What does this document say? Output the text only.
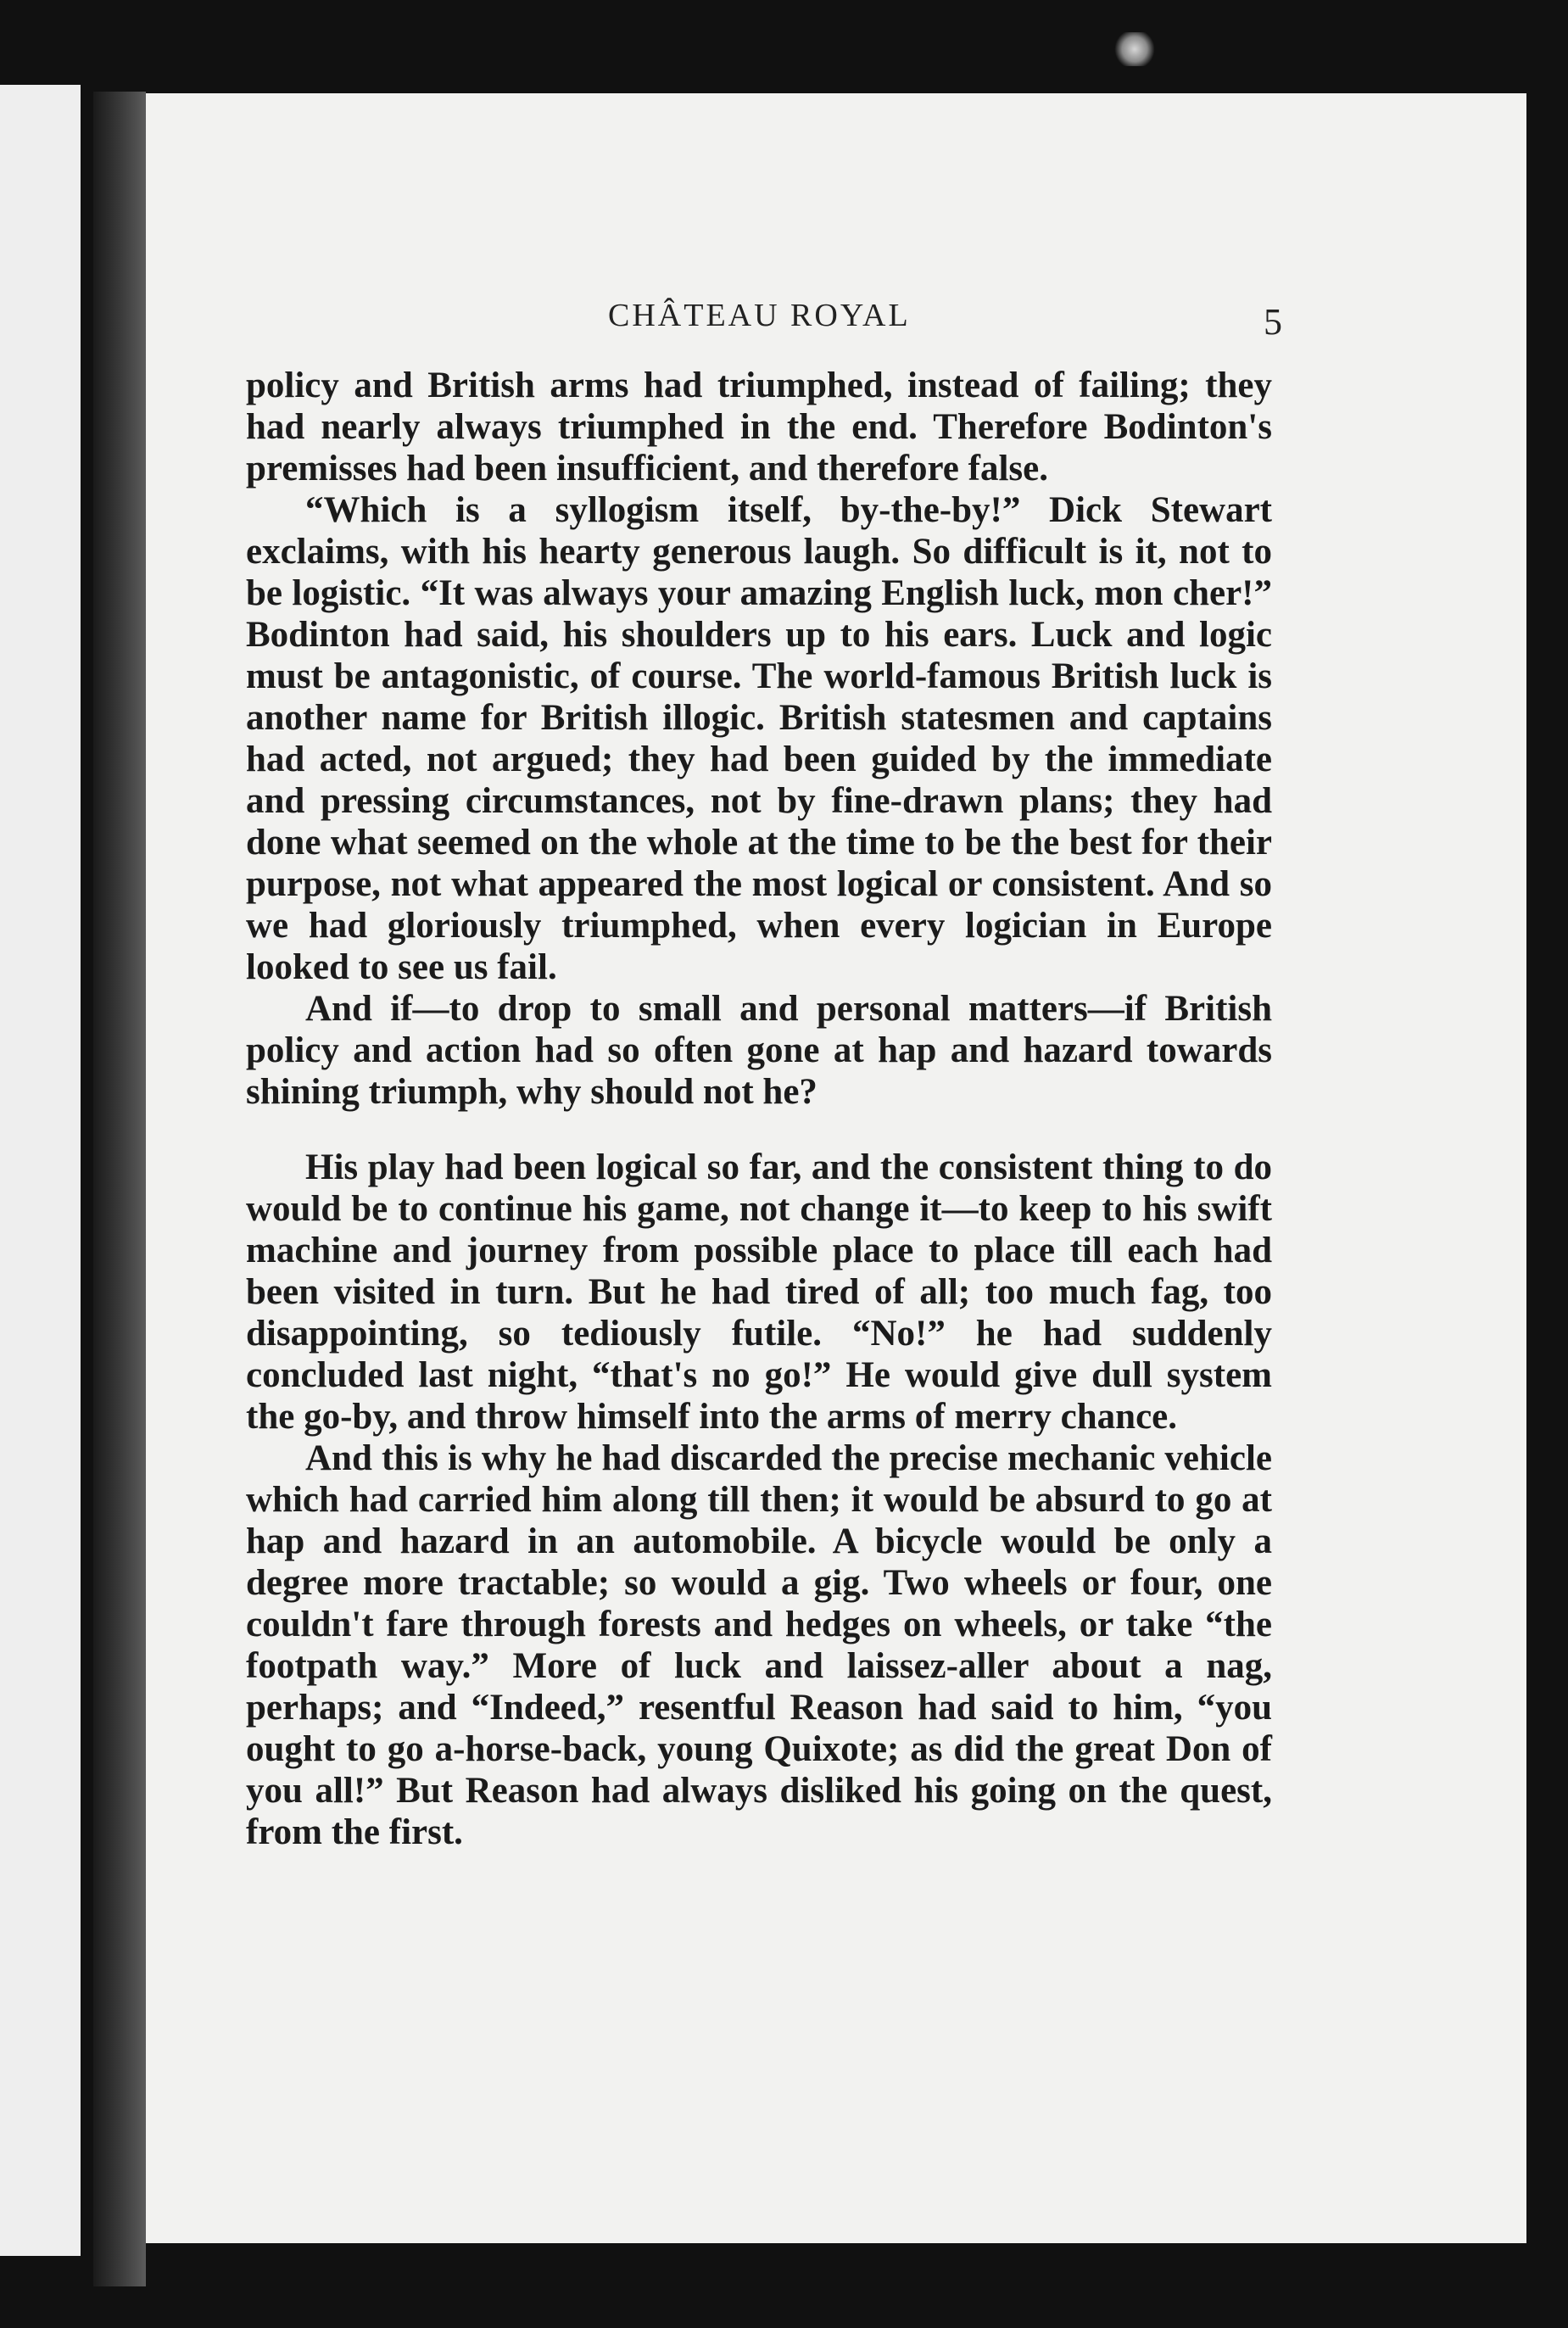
CHÂTEAU ROYAL	5

policy and British arms had triumphed, instead of failing; they had nearly always triumphed in the end. Therefore Bodinton's premisses had been insufficient, and therefore false.

“Which is a syllogism itself, by-the-by!” Dick Stewart exclaims, with his hearty generous laugh. So difficult is it, not to be logistic. “It was always your amazing English luck, mon cher!” Bodinton had said, his shoulders up to his ears. Luck and logic must be antagonistic, of course. The world-famous British luck is another name for British illogic. British statesmen and captains had acted, not argued; they had been guided by the immediate and pressing circumstances, not by fine-drawn plans; they had done what seemed on the whole at the time to be the best for their purpose, not what appeared the most logical or consistent. And so we had gloriously triumphed, when every logician in Europe looked to see us fail.

And if—to drop to small and personal matters—if British policy and action had so often gone at hap and hazard towards shining triumph, why should not he?

His play had been logical so far, and the consistent thing to do would be to continue his game, not change it—to keep to his swift machine and journey from possible place to place till each had been visited in turn. But he had tired of all; too much fag, too disappointing, so tediously futile. “No!” he had suddenly concluded last night, “that's no go!” He would give dull system the go-by, and throw himself into the arms of merry chance.

And this is why he had discarded the precise mechanic vehicle which had carried him along till then; it would be absurd to go at hap and hazard in an automobile. A bicycle would be only a degree more tractable; so would a gig. Two wheels or four, one couldn't fare through forests and hedges on wheels, or take “the footpath way.” More of luck and laissez-aller about a nag, perhaps; and “Indeed,” resentful Reason had said to him, “you ought to go a-horse-back, young Quixote; as did the great Don of you all!” But Reason had always disliked his going on the quest, from the first.
